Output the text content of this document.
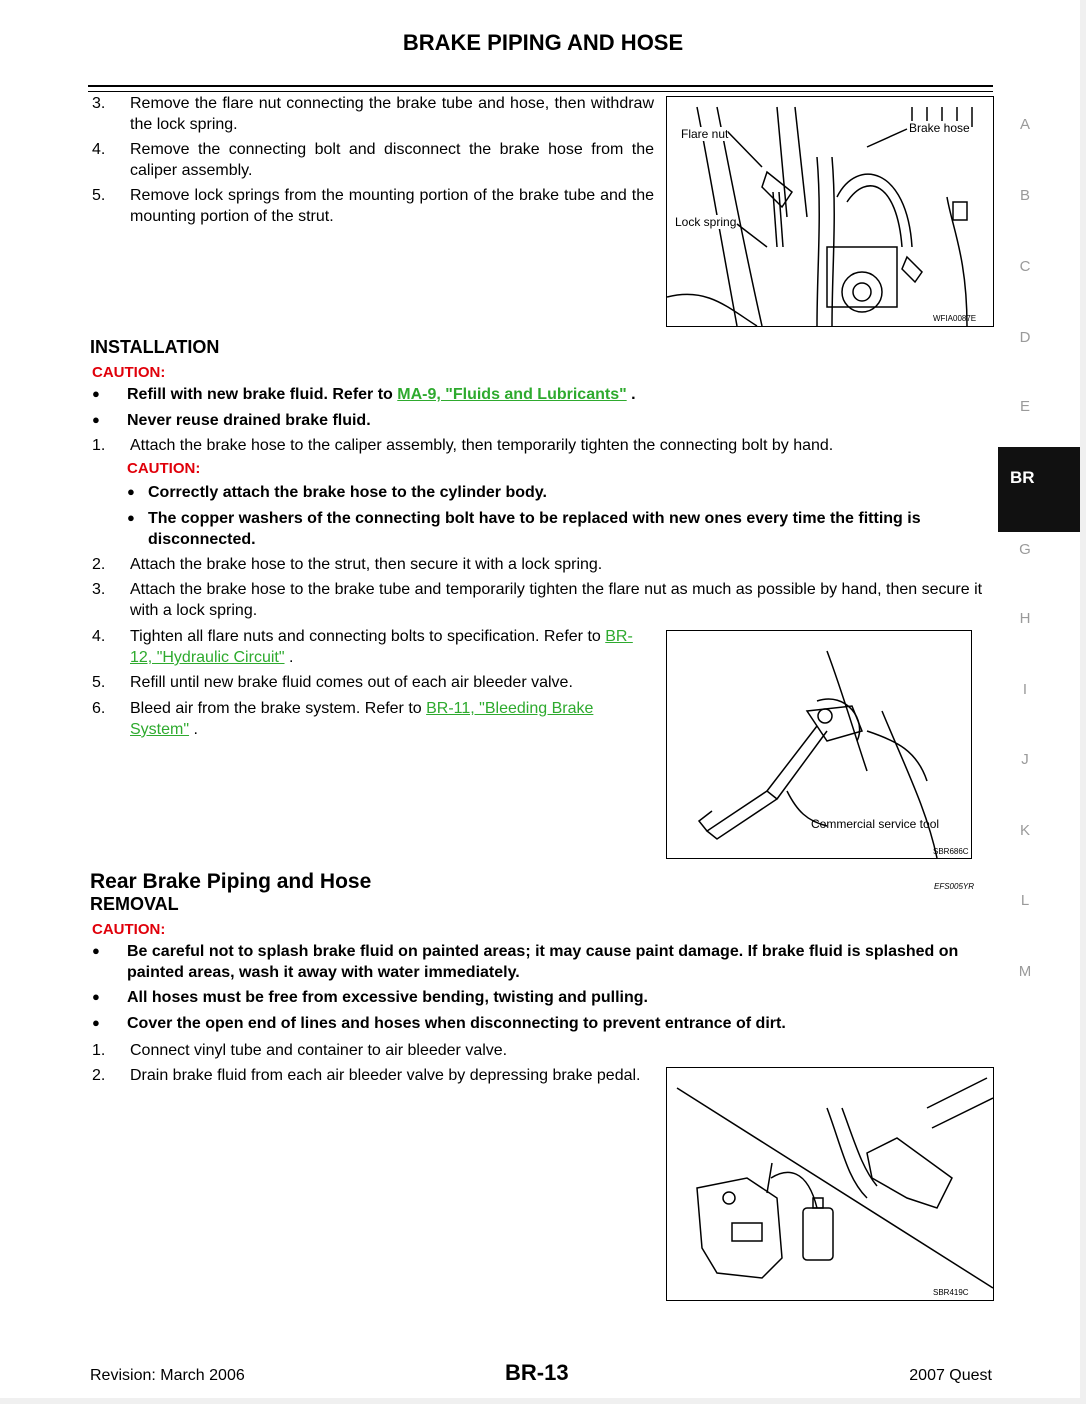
BRAKE PIPING AND HOSE
3. Remove the flare nut connecting the brake tube and hose, then withdraw the lock spring.
4. Remove the connecting bolt and disconnect the brake hose from the caliper assembly.
5. Remove lock springs from the mounting portion of the brake tube and the mounting portion of the strut.
Flare nut	Brake hose
Lock spring
WFIA0087E
INSTALLATION
CAUTION:
● Refill with new brake fluid. Refer to MA-9, "Fluids and Lubricants" .
● Never reuse drained brake fluid.
1. Attach the brake hose to the caliper assembly, then temporarily tighten the connecting bolt by hand.
CAUTION:
● Correctly attach the brake hose to the cylinder body.
● The copper washers of the connecting bolt have to be replaced with new ones every time the fitting is disconnected.
2. Attach the brake hose to the strut, then secure it with a lock spring.
3. Attach the brake hose to the brake tube and temporarily tighten the flare nut as much as possible by hand, then secure it with a lock spring.
4. Tighten all flare nuts and connecting bolts to specification. Refer to BR-12, "Hydraulic Circuit" .
5. Refill until new brake fluid comes out of each air bleeder valve.
6. Bleed air from the brake system. Refer to BR-11, "Bleeding Brake System" .
Commercial service tool
SBR686C
Rear Brake Piping and Hose	EFS005YR
REMOVAL
CAUTION:
● Be careful not to splash brake fluid on painted areas; it may cause paint damage. If brake fluid is splashed on painted areas, wash it away with water immediately.
● All hoses must be free from excessive bending, twisting and pulling.
● Cover the open end of lines and hoses when disconnecting to prevent entrance of dirt.
1. Connect vinyl tube and container to air bleeder valve.
2. Drain brake fluid from each air bleeder valve by depressing brake pedal.
SBR419C
A
B
C
D
E
BR
G
H
I
J
K
L
M
Revision: March 2006	BR-13	2007 Quest
